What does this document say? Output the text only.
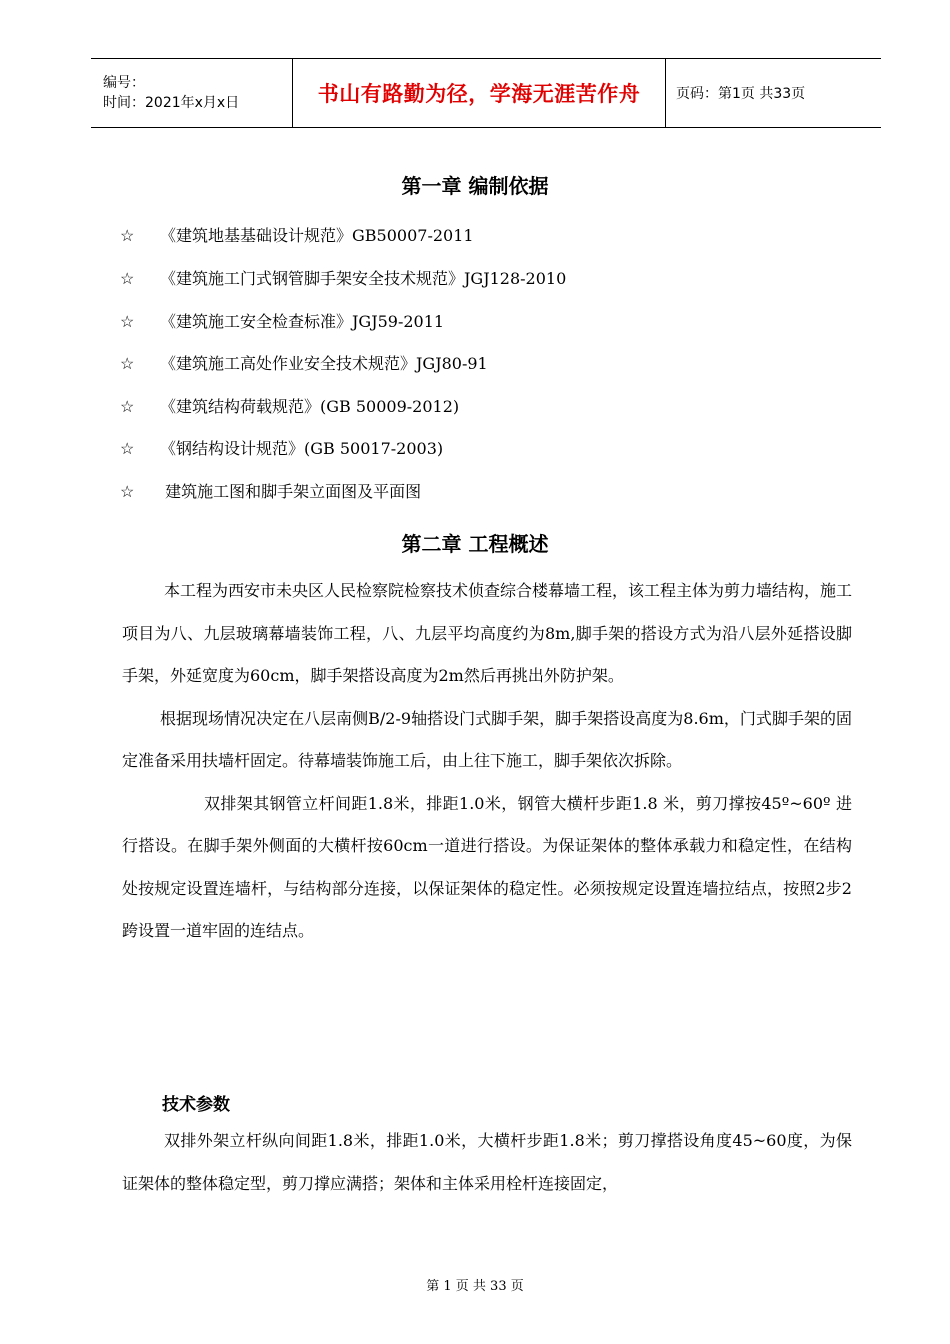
编号：
时间：2021年x月x日	书山有路勤为径，学海无涯苦作舟	页码：第1页 共33页
第一章 编制依据
☆ 《建筑地基基础设计规范》GB50007-2011
☆ 《建筑施工门式钢管脚手架安全技术规范》JGJ128-2010
☆ 《建筑施工安全检查标准》JGJ59-2011
☆ 《建筑施工高处作业安全技术规范》JGJ80-91
☆ 《建筑结构荷载规范》(GB 50009-2012)
☆ 《钢结构设计规范》(GB 50017-2003)
☆ 建筑施工图和脚手架立面图及平面图
第二章 工程概述

本工程为西安市未央区人民检察院检察技术侦查综合楼幕墙工程，该工程主体为剪力墙结构，施工项目为八、九层玻璃幕墙装饰工程，八、九层平均高度约为8m,脚手架的搭设方式为沿八层外延搭设脚手架，外延宽度为60cm，脚手架搭设高度为2m然后再挑出外防护架。

根据现场情况决定在八层南侧B/2-9轴搭设门式脚手架，脚手架搭设高度为8.6m，门式脚手架的固定准备采用扶墙杆固定。待幕墙装饰施工后，由上往下施工，脚手架依次拆除。

双排架其钢管立杆间距1.8米，排距1.0米，钢管大横杆步距1.8 米，剪刀撑按45º~60º 进行搭设。在脚手架外侧面的大横杆按60cm一道进行搭设。为保证架体的整体承载力和稳定性，在结构处按规定设置连墙杆，与结构部分连接，以保证架体的稳定性。必须按规定设置连墙拉结点，按照2步2跨设置一道牢固的连结点。

技术参数

双排外架立杆纵向间距1.8米，排距1.0米，大横杆步距1.8米；剪刀撑搭设角度45~60度，为保证架体的整体稳定型，剪刀撑应满搭；架体和主体采用栓杆连接固定，

第 1 页 共 33 页
